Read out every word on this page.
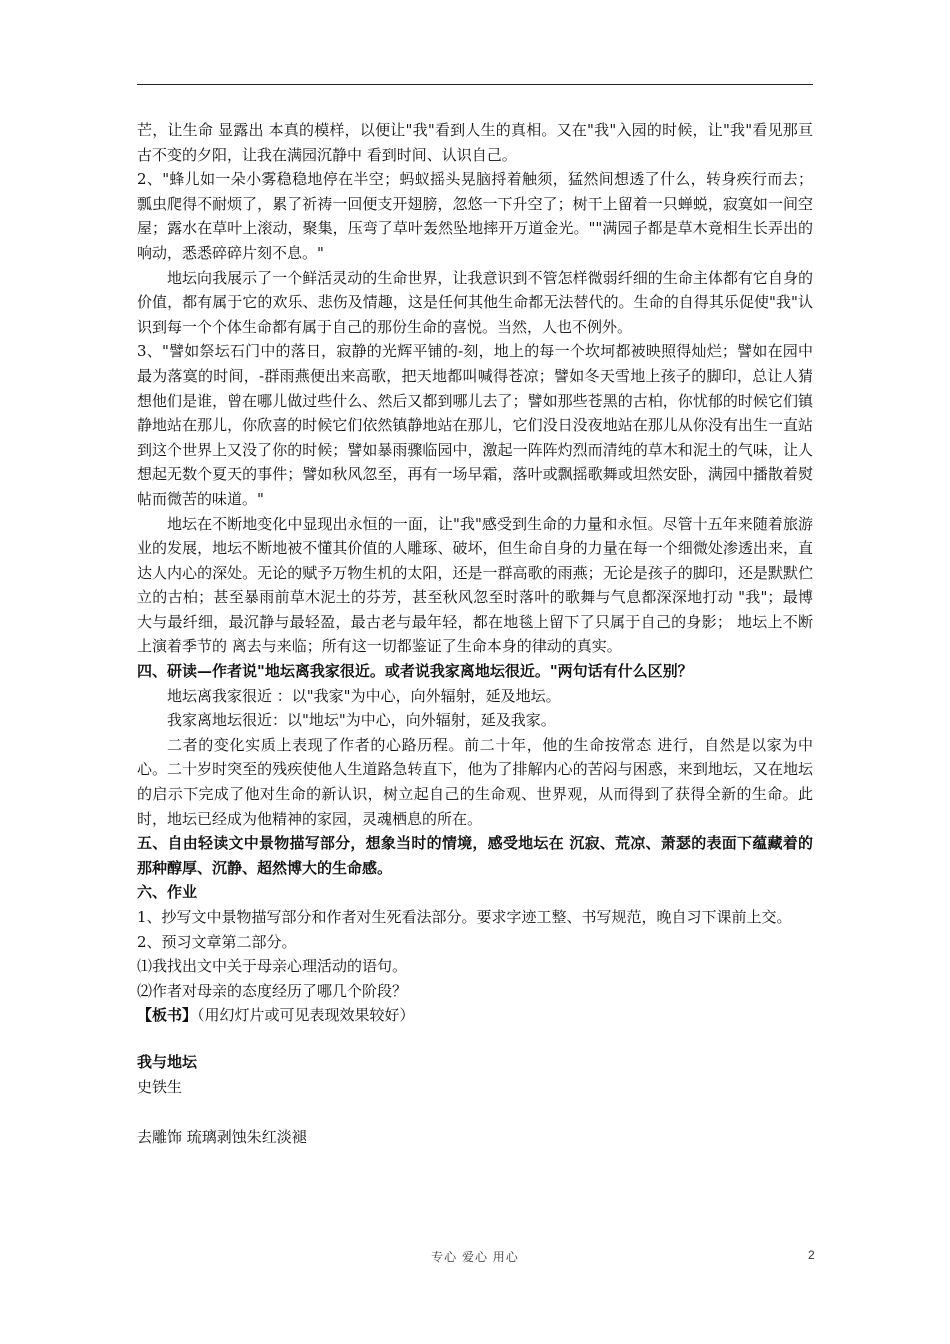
芒，让生命 显露出 本真的模样，以便让"我"看到人生的真相。又在"我"入园的时候，让"我"看见那亘古不变的夕阳，让我在满园沉静中 看到时间、认识自己。

2、"蜂儿如一朵小雾稳稳地停在半空；蚂蚁摇头晃脑捋着触须，猛然间想透了什么，转身疾行而去；瓢虫爬得不耐烦了，累了祈祷一回便支开翅膀，忽悠一下升空了；树干上留着一只蝉蜕，寂寞如一间空屋；露水在草叶上滚动，聚集，压弯了草叶轰然坠地摔开万道金光。""满园子都是草木竟相生长弄出的响动，悉悉碎碎片刻不息。"

地坛向我展示了一个鲜活灵动的生命世界，让我意识到不管怎样微弱纤细的生命主体都有它自身的价值，都有属于它的欢乐、悲伤及情趣，这是任何其他生命都无法替代的。生命的自得其乐促使"我"认识到每一个个体生命都有属于自己的那份生命的喜悦。当然，人也不例外。

3、"譬如祭坛石门中的落日，寂静的光辉平铺的-刻，地上的每一个坎坷都被映照得灿烂；譬如在园中最为落寞的时间，-群雨燕便出来高歌，把天地都叫喊得苍凉；譬如冬天雪地上孩子的脚印，总让人猜想他们是谁，曾在哪儿做过些什么、然后又都到哪儿去了；譬如那些苍黑的古柏，你忧郁的时候它们镇静地站在那儿，你欣喜的时候它们依然镇静地站在那儿，它们没日没夜地站在那儿从你没有出生一直站到这个世界上又没了你的时候；譬如暴雨骤临园中，激起一阵阵灼烈而清纯的草木和泥土的气味，让人想起无数个夏天的事件；譬如秋风忽至，再有一场早霜，落叶或飘摇歌舞或坦然安卧，满园中播散着熨帖而微苦的味道。"

地坛在不断地变化中显现出永恒的一面，让"我"感受到生命的力量和永恒。尽管十五年来随着旅游业的发展，地坛不断地被不懂其价值的人雕琢、破坏，但生命自身的力量在每一个细微处渗透出来，直达人内心的深处。无论的赋予万物生机的太阳，还是一群高歌的雨燕；无论是孩子的脚印，还是默默伫立的古柏；甚至暴雨前草木泥土的芬芳，甚至秋风忽至时落叶的歌舞与气息都深深地打动 "我"；最博大与最纤细，最沉静与最轻盈，最古老与最年轻，都在地毯上留下了只属于自己的身影； 地坛上不断上演着季节的 离去与来临；所有这一切都鉴证了生命本身的律动的真实。

四、研读—作者说"地坛离我家很近。或者说我家离地坛很近。"两句话有什么区别？

地坛离我家很近 ：以"我家"为中心，向外辐射，延及地坛。

我家离地坛很近：以"地坛"为中心，向外辐射，延及我家。

二者的变化实质上表现了作者的心路历程。前二十年，他的生命按常态 进行，自然是以家为中心。二十岁时突至的残疾使他人生道路急转直下，他为了排解内心的苦闷与困惑，来到地坛，又在地坛的启示下完成了他对生命的新认识，树立起自己的生命观、世界观，从而得到了获得全新的生命。此时，地坛已经成为他精神的家园，灵魂栖息的所在。

五、自由轻读文中景物描写部分，想象当时的情境，感受地坛在 沉寂、荒凉、萧瑟的表面下蕴藏着的那种醇厚、沉静、超然博大的生命感。

六、作业

1、抄写文中景物描写部分和作者对生死看法部分。要求字迹工整、书写规范，晚自习下课前上交。

2、预习文章第二部分。

⑴我找出文中关于母亲心理活动的语句。

⑵作者对母亲的态度经历了哪几个阶段？

【板书】（用幻灯片或可见表现效果较好）

我与地坛

史铁生

去雕饰 琉璃剥蚀朱红淡褪

专心 爱心 用心	2
